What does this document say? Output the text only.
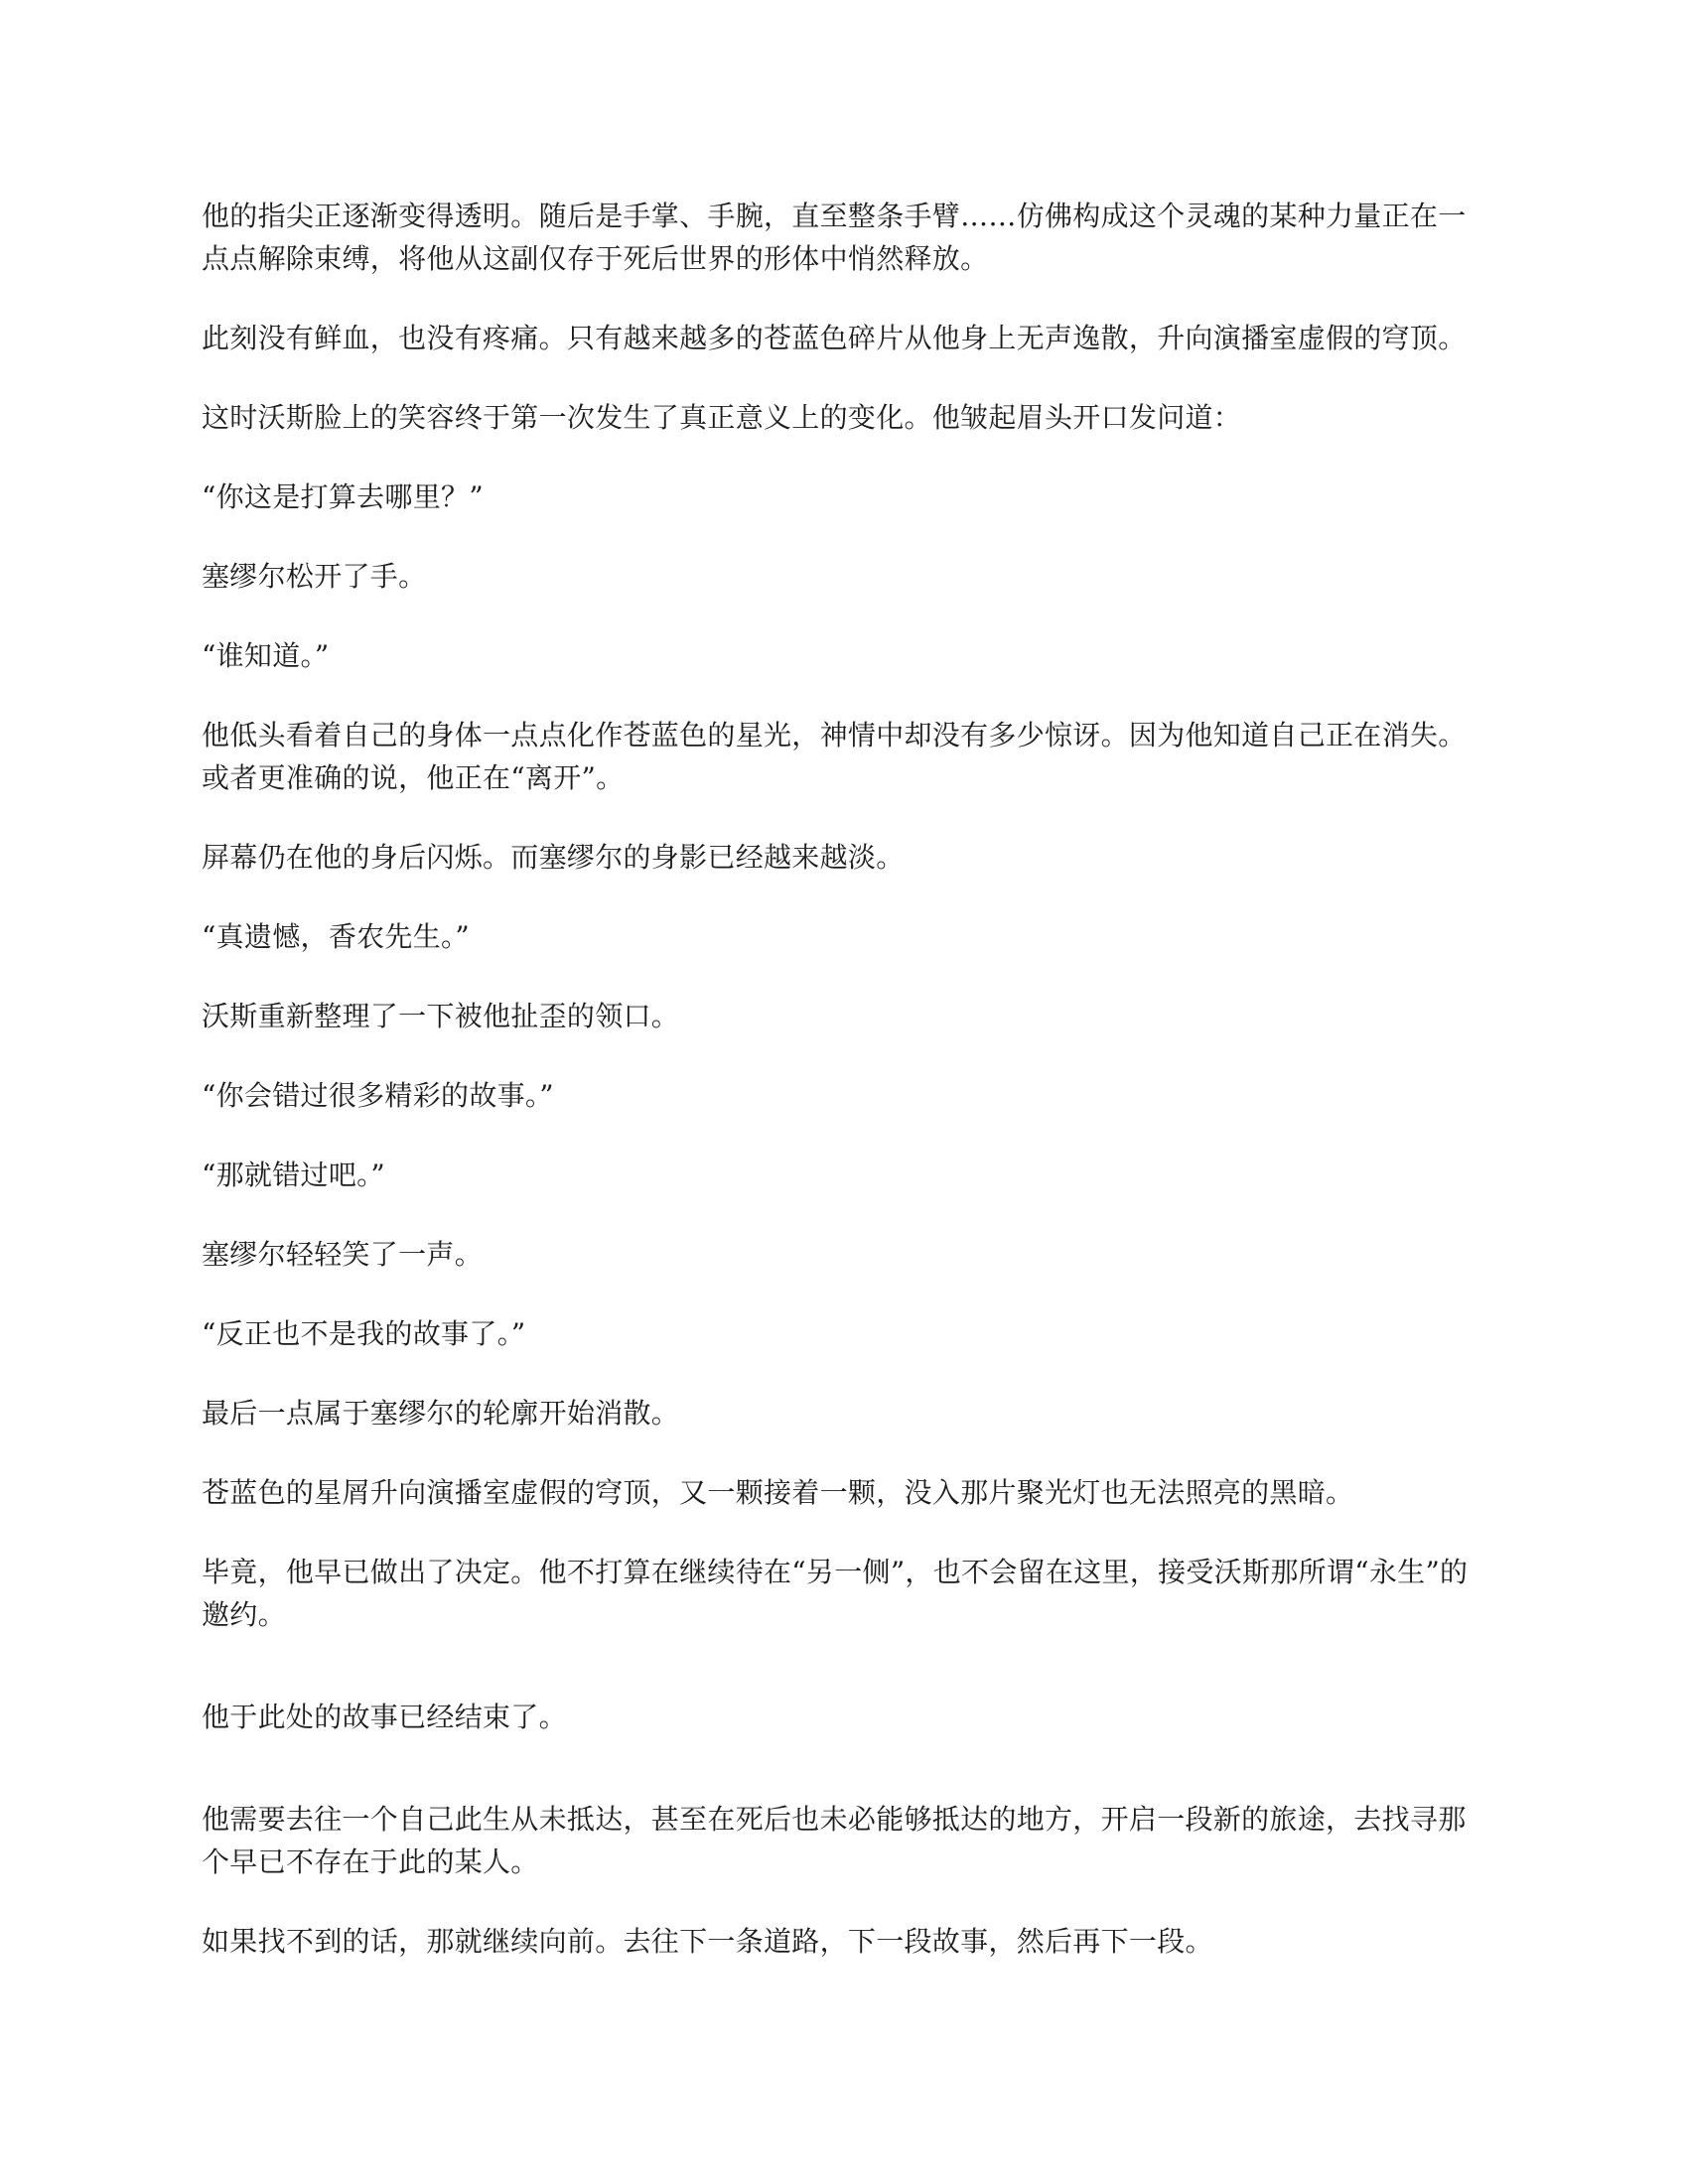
他的指尖正逐渐变得透明。随后是手掌、手腕，直至整条手臂……仿佛构成这个灵魂的某种力量正在一点点解除束缚，将他从这副仅存于死后世界的形体中悄然释放。

此刻没有鲜血，也没有疼痛。只有越来越多的苍蓝色碎片从他身上无声逸散，升向演播室虚假的穹顶。

这时沃斯脸上的笑容终于第一次发生了真正意义上的变化。他皱起眉头开口发问道：

“你这是打算去哪里？”

塞缪尔松开了手。

“谁知道。”

他低头看着自己的身体一点点化作苍蓝色的星光，神情中却没有多少惊讶。因为他知道自己正在消失。或者更准确的说，他正在“离开”。

屏幕仍在他的身后闪烁。而塞缪尔的身影已经越来越淡。

“真遗憾，香农先生。”

沃斯重新整理了一下被他扯歪的领口。

“你会错过很多精彩的故事。”

“那就错过吧。”

塞缪尔轻轻笑了一声。

“反正也不是我的故事了。”

最后一点属于塞缪尔的轮廓开始消散。

苍蓝色的星屑升向演播室虚假的穹顶，又一颗接着一颗，没入那片聚光灯也无法照亮的黑暗。

毕竟，他早已做出了决定。他不打算在继续待在“另一侧”，也不会留在这里，接受沃斯那所谓“永生”的邀约。

他于此处的故事已经结束了。

他需要去往一个自己此生从未抵达，甚至在死后也未必能够抵达的地方，开启一段新的旅途，去找寻那个早已不存在于此的某人。

如果找不到的话，那就继续向前。去往下一条道路，下一段故事，然后再下一段。
